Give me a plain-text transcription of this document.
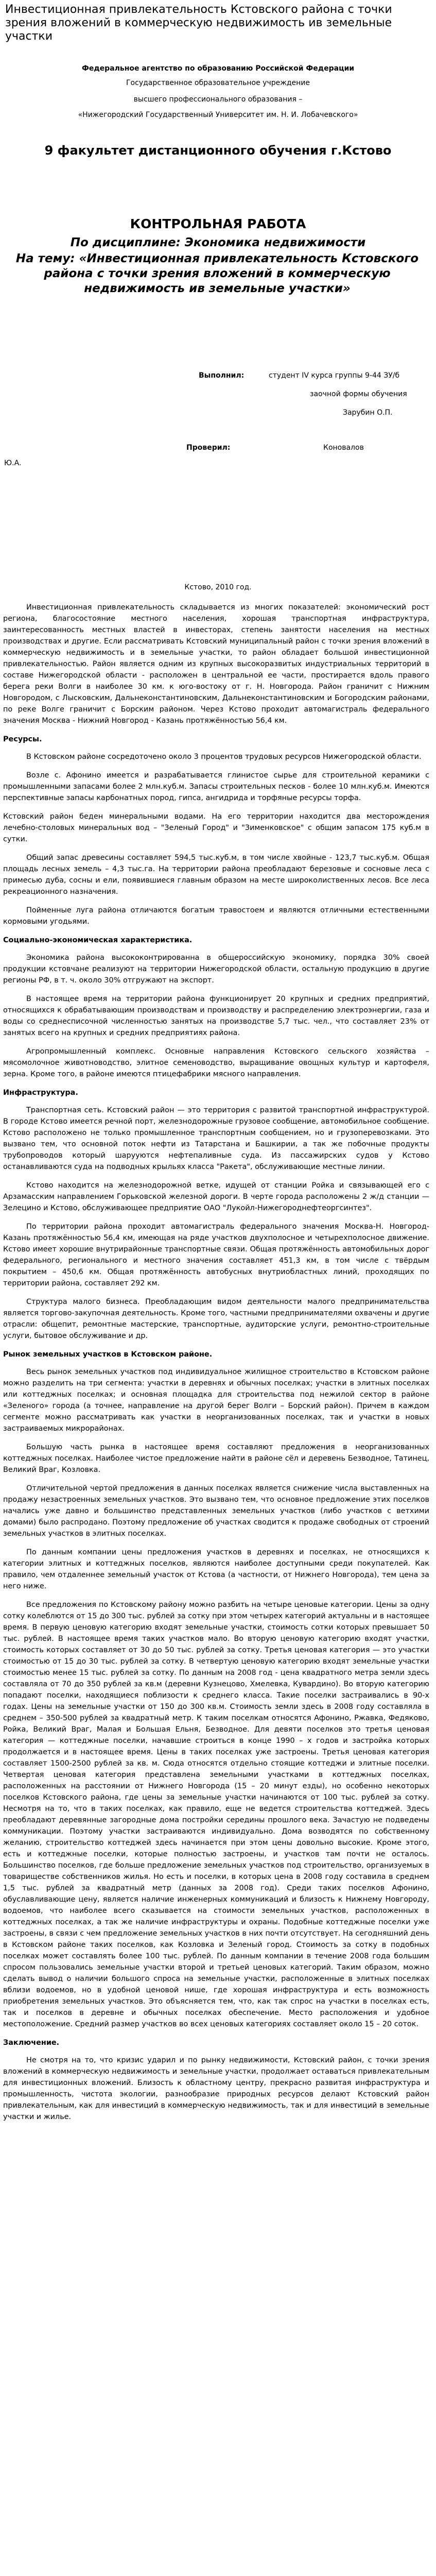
Инвестиционная привлекательность Кстовского района с точки зрения вложений в коммерческую недвижимость ив земельные участки
Федеральное агентство по образованию Российской Федерации
Государственное образовательное учреждение
высшего профессионального образования –
«Нижегородский Государственный Университет им. Н. И. Лобачевского»
9 факультет дистанционного обучения г.Кстово
КОНТРОЛЬНАЯ РАБОТА
По дисциплине: Экономика недвижимости
На тему: «Инвестиционная привлекательность Кстовского района с точки зрения вложений в коммерческую недвижимость ив земельные участки»
Выполнил:	студент IV курса группы 9-44 ЗУ/б
заочной формы обучения
Зарубин О.П.
Проверил:	Коновалов
Ю.А.
Кстово, 2010 год.

Инвестиционная привлекательность складывается из многих показателей: экономический рост региона, благосостояние местного населения, хорошая транспортная инфраструктура, заинтересованность местных властей в инвесторах, степень занятости населения на местных производствах и другие. Если рассматривать Кстовский муниципальный район с точки зрения вложений в коммерческую недвижимость и в земельные участки, то район обладает большой инвестиционной привлекательностью. Район является одним из крупных высокоразвитых индустриальных территорий в составе Нижегородской области - расположен в центральной ее части, простирается вдоль правого берега реки Волги в наиболее 30 км. к юго-востоку от г. Н. Новгорода. Район граничит с Нижним Новгородом, с Лысковским, Дальнеконстантиновским, Дальнеконстантиновским и Богородским районами, по реке Волге граничит с Борским районом. Через Кстово проходит автомагистраль федерального значения Москва - Нижний Новгород - Казань протяжённостью 56,4 км.

Ресурсы.

В Кстовском районе сосредоточено около 3 процентов трудовых ресурсов Нижегородской области.

Возле с. Афонино имеется и разрабатывается глинистое сырье для строительной керамики с промышленными запасами более 2 млн.куб.м. Запасы строительных песков - более 10 млн.куб.м. Имеются перспективные запасы карбонатных пород, гипса, ангидрида и торфяные ресурсы торфа.

Кстовский район беден минеральными водами. На его территории находится два месторождения лечебно-столовых минеральных вод – "Зеленый Город" и "Зименковское" с общим запасом 175 куб.м в сутки.

Общий запас древесины составляет 594,5 тыс.куб.м, в том числе хвойные - 123,7 тыс.куб.м. Общая площадь лесных земель – 4,3 тыс.га. На территории района преобладают березовые и сосновые леса с примесью дуба, сосны и ели, появившиеся главным образом на месте широколиственных лесов. Все леса рекреационного назначения.

Пойменные луга района отличаются богатым травостоем и являются отличными естественными кормовыми угодьями.

Социально-экономическая характеристика.

Экономика района высококонтрированна в общероссийскую экономику, порядка 30% своей продукции кстовчане реализуют на территории Нижегородской области, остальную продукцию в другие регионы РФ, в т. ч. около 30% отгружают на экспорт.

В настоящее время на территории района функционирует 20 крупных и средних предприятий, относящихся к обрабатывающим производствам и производству и распределению электроэнергии, газа и воды со среднесписочной численностью занятых на производстве 5,7 тыс. чел., что составляет 23% от занятых всего на крупных и средних предприятиях района.

Агропромышленный комплекс. Основные направления Кстовского сельского хозяйства – мясомолочное животноводство, элитное семеноводство, выращивание овощных культур и картофеля, зерна. Кроме того, в районе имеются птицефабрики мясного направления.

Инфраструктура.

Транспортная сеть. Кстовский район — это территория с развитой транспортной инфраструктурой. В городе Кстово имеется речной порт, железнодорожные грузовое сообщение, автомобильное сообщение. Кстово расположено не только промышленное транспортным сообщением, но и грузоперевозками. Это вызвано тем, что основной поток нефти из Татарстана и Башкирии, а так же побочные продукты трубопроводов который шарууются нефтепаливные суда. Из пассажирских судов у Кстово останавливаются суда на подводных крыльях класса "Ракета", обслуживающие местные линии.

Кстово находится на железнодорожной ветке, идущей от станции Ройка и связывающей его с Арзамасским направлением Горьковской железной дороги. В черте города расположены 2 ж/д станции — Зелецино и Кстово, обслуживающее предприятие ОАО "Лукойл-Нижегороднефтеоргсинтез".

По территории района проходит автомагистраль федерального значения Москва-Н. Новгород-Казань протяжённостью 56,4 км, имеющая на ряде участков двухполосное и четырехполосное движение. Кстово имеет хорошие внутрирайонные транспортные связи. Общая протяжённость автомобильных дорог федерального, регионального и местного значения составляет 451,3 км, в том числе с твёрдым покрытием – 450,6 км. Общая протяжённость автобусных внутриобластных линий, проходящих по территории района, составляет 292 км.

Структура малого бизнеса. Преобладающим видом деятельности малого предпринимательства является торгово-закупочная деятельность. Кроме того, частными предпринимателями охвачены и другие отрасли: общепит, ремонтные мастерские, транспортные, аудиторские услуги, ремонтно-строительные услуги, бытовое обслуживание и др.

Рынок земельных участков в Кстовском районе.

Весь рынок земельных участков под индивидуальное жилищное строительство в Кстовском районе можно разделить на три сегмента: участки в деревнях и обычных поселках; участки в элитных поселках или коттеджных поселках; и основная площадка для строительства под нежилой сектор в районе «Зеленого» города (а точнее, направление на другой берег Волги – Борский район). Причем в каждом сегменте можно рассматривать как участки в неорганизованных поселках, так и участки в новых застраиваемых микрорайонах.

Большую часть рынка в настоящее время составляют предложения в неорганизованных коттеджных поселках. Наиболее чистое предложение найти в районе сёл и деревень Безводное, Татинец, Великий Враг, Козловка.

Отличительной чертой предложения в данных поселках является снижение числа выставленных на продажу незастроенных земельных участков. Это вызвано тем, что основное предложение этих поселков начались уже давно и большинство представленных земельных участков (либо участков с ветхими домами) было распродано. Поэтому предложение об участках сводится к продаже свободных от строений земельных участков в элитных поселках.

По данным компании цены предложения участков в деревнях и поселках, не относящихся к категории элитных и коттеджных поселков, являются наиболее доступными среди покупателей. Как правило, чем отдаленнее земельный участок от Кстова (а частности, от Нижнего Новгорода), тем цена за него ниже.

Все предложения по Кстовскому району можно разбить на четыре ценовые категории. Цены за одну сотку колеблются от 15 до 300 тыс. рублей за сотку при этом четырех категорий актуальны и в настоящее время. В первую ценовую категорию входят земельные участки, стоимость сотки которых превышает 50 тыс. рублей. В настоящее время таких участков мало. Во вторую ценовую категорию входят участки, стоимость которых составляет от 30 до 50 тыс. рублей за сотку. Третья ценовая категория — это участки стоимостью от 15 до 30 тыс. рублей за сотку. В четвертую ценовую категорию входят земельные участки стоимостью менее 15 тыс. рублей за сотку. По данным на 2008 год - цена квадратного метра земли здесь составляла от 70 до 350 рублей за кв.м (деревни Кузнецово, Хмелевка, Кувардино). Во вторую категорию попадают поселки, находящиеся поблизости к среднего класса. Такие поселки застраивались в 90-х годах. Цены на земельные участки от 150 до 300 кв.м. Стоимость земли здесь в 2008 году составляла в среднем – 350-500 рублей за квадратный метр. К таким поселкам относятся Афонино, Ржавка, Федяково, Ройка, Великий Враг, Малая и Большая Ельня, Безводное. Для девяти поселков это третья ценовая категория — коттеджные поселки, начавшие строиться в конце 1990 – х годов и застройка которых продолжается и в настоящее время. Цены в таких поселках уже застроены. Третья ценовая категория составляет 1500-2500 рублей за кв. м. Сюда относятся отдельно стоящие коттеджи и элитные поселки. Четвертая ценовая категория представлена земельными участками в коттеджных поселках, расположенных на расстоянии от Нижнего Новгорода (15 – 20 минут езды), но особенно некоторых поселков Кстовского района, где цены за земельные участки начинаются от 100 тыс. рублей за сотку. Несмотря на то, что в таких поселках, как правило, еще не ведется строительства коттеджей. Здесь преобладают деревянные загородные дома постройки середины прошлого века. Зачастую не подведены коммуникации. Поэтому участки застраиваются индивидуально. Дома возводятся по собственному желанию, строительство коттеджей здесь начинается при этом цены довольно высокие. Кроме этого, есть и коттеджные поселки, которые полностью застроены, и участков там почти не осталось. Большинство поселков, где больше предложение земельных участков под строительство, организуемых в товариществе собственников жилья. Но есть и поселки, в которых цена в 2008 году составила в среднем 1,5 тыс. рублей за квадратный метр (данных за 2008 год). Среди таких поселков Афонино, обуславливающие цену, является наличие инженерных коммуникаций и близость к Нижнему Новгороду, водоемов, что наиболее всего сказывается на стоимости земельных участков, расположенных в коттеджных поселках, а так же наличие инфраструктуры и охраны. Подобные коттеджные поселки уже застроены, в связи с чем предложение земельных участков в них почти отсутствует. На сегодняшний день в Кстовском районе таких поселков, как Козловка и Зеленый город. Стоимость за сотку в подобных поселках может составлять более 100 тыс. рублей. По данным компании в течение 2008 года большим спросом пользовались земельные участки второй и третьей ценовых категорий. Таким образом, можно сделать вывод о наличии большого спроса на земельные участки, расположенные в элитных поселках вблизи водоемов, но в удобной ценовой нише, где хорошая инфраструктура и есть возможность приобретения земельных участков. Это объясняется тем, что, как так спрос на участки в поселках есть, так и поселков в деревне и обычных поселках обеспечение. Место расположения и удобное местоположение. Средний размер участков во всех ценовых категориях составляет около 15 – 20 соток.

Заключение.

Не смотря на то, что кризис ударил и по рынку недвижимости, Кстовский район, с точки зрения вложений в коммерческую недвижимость и земельные участки, продолжает оставаться привлекательным для инвестиционных вложений. Близость к областному центру, прекрасно развитая инфраструктура и промышленность, чистота экологии, разнообразие природных ресурсов делают Кстовский район привлекательным, как для инвестиций в коммерческую недвижимость, так и для инвестиций в земельные участки и жилье.
